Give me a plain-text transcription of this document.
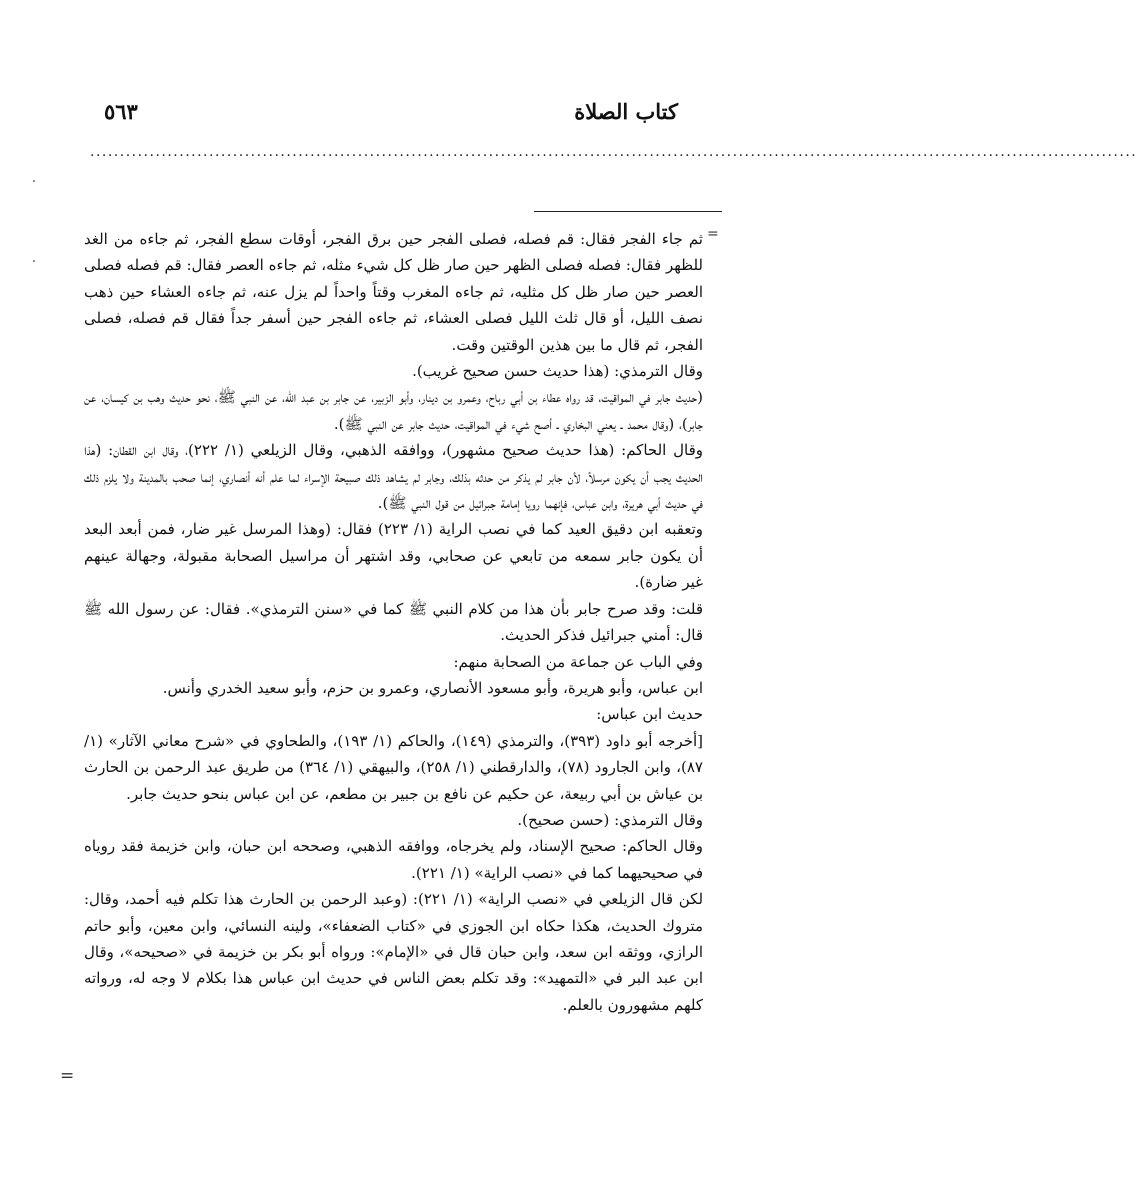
كتاب الصلاة
٥٦٣
................................................................................................................................................................................
=

ثم جاء الفجر فقال: قم فصله، فصلى الفجر حين برق الفجر، أوقات سطع الفجر، ثم جاءه من الغد للظهر فقال: فصله فصلى الظهر حين صار ظل كل شيء مثله، ثم جاءه العصر فقال: قم فصله فصلى العصر حين صار ظل كل مثليه، ثم جاءه المغرب وقتاً واحداً لم يزل عنه، ثم جاءه العشاء حين ذهب نصف الليل، أو قال ثلث الليل فصلى العشاء، ثم جاءه الفجر حين أسفر جداً فقال قم فصله، فصلى الفجر، ثم قال ما بين هذين الوقتين وقت.

وقال الترمذي: (هذا حديث حسن صحيح غريب).

(حديث جابر في المواقيت، قد رواه عطاء بن أبي رباح، وعمرو بن دينار، وأبو الزبير، عن جابر بن عبد الله، عن النبي ﷺ، نحو حديث وهب بن كيسان، عن جابر)، (وقال محمد ـ يعني البخاري ـ أصح شيء في المواقيت، حديث جابر عن النبي ﷺ).

وقال الحاكم: (هذا حديث صحيح مشهور)، ووافقه الذهبي، وقال الزيلعي (١/ ٢٢٢)، وقال ابن القطان: (هذا الحديث يجب أن يكون مرسلاً، لأن جابر لم يذكر من حدثه بذلك، وجابر لم يشاهد ذلك صبيحة الإسراء لما علم أنه أنصاري، إنما صحب بالمدينة ولا يلزم ذلك في حديث أبي هريرة، وابن عباس، فإنهما رويا إمامة جبرائيل من قول النبي ﷺ).

وتعقبه ابن دقيق العيد كما في نصب الراية (١/ ٢٢٣) فقال: (وهذا المرسل غير ضار، فمن أبعد البعد أن يكون جابر سمعه من تابعي عن صحابي، وقد اشتهر أن مراسيل الصحابة مقبولة، وجهالة عينهم غير ضارة).

قلت: وقد صرح جابر بأن هذا من كلام النبي ﷺ كما في «سنن الترمذي». فقال: عن رسول الله ﷺ قال: أمني جبرائيل فذكر الحديث.

وفي الباب عن جماعة من الصحابة منهم:

ابن عباس، وأبو هريرة، وأبو مسعود الأنصاري، وعمرو بن حزم، وأبو سعيد الخدري وأنس.

حديث ابن عباس:

[أخرجه أبو داود (٣٩٣)، والترمذي (١٤٩)، والحاكم (١/ ١٩٣)، والطحاوي في «شرح معاني الآثار» (١/ ٨٧)، وابن الجارود (٧٨)، والدارقطني (١/ ٢٥٨)، والبيهقي (١/ ٣٦٤) من طريق عبد الرحمن بن الحارث بن عياش بن أبي ربيعة، عن حكيم عن نافع بن جبير بن مطعم، عن ابن عباس بنحو حديث جابر.

وقال الترمذي: (حسن صحيح).

وقال الحاكم: صحيح الإسناد، ولم يخرجاه، ووافقه الذهبي، وصححه ابن حبان، وابن خزيمة فقد روياه في صحيحيهما كما في «نصب الراية» (١/ ٢٢١).

لكن قال الزيلعي في «نصب الراية» (١/ ٢٢١): (وعبد الرحمن بن الحارث هذا تكلم فيه أحمد، وقال: متروك الحديث، هكذا حكاه ابن الجوزي في «كتاب الضعفاء»، ولينه النسائي، وابن معين، وأبو حاتم الرازي، ووثقه ابن سعد، وابن حبان قال في «الإمام»: ورواه أبو بكر بن خزيمة في «صحيحه»، وقال ابن عبد البر في «التمهيد»: وقد تكلم بعض الناس في حديث ابن عباس هذا بكلام لا وجه له، ورواته كلهم مشهورون بالعلم.

=
